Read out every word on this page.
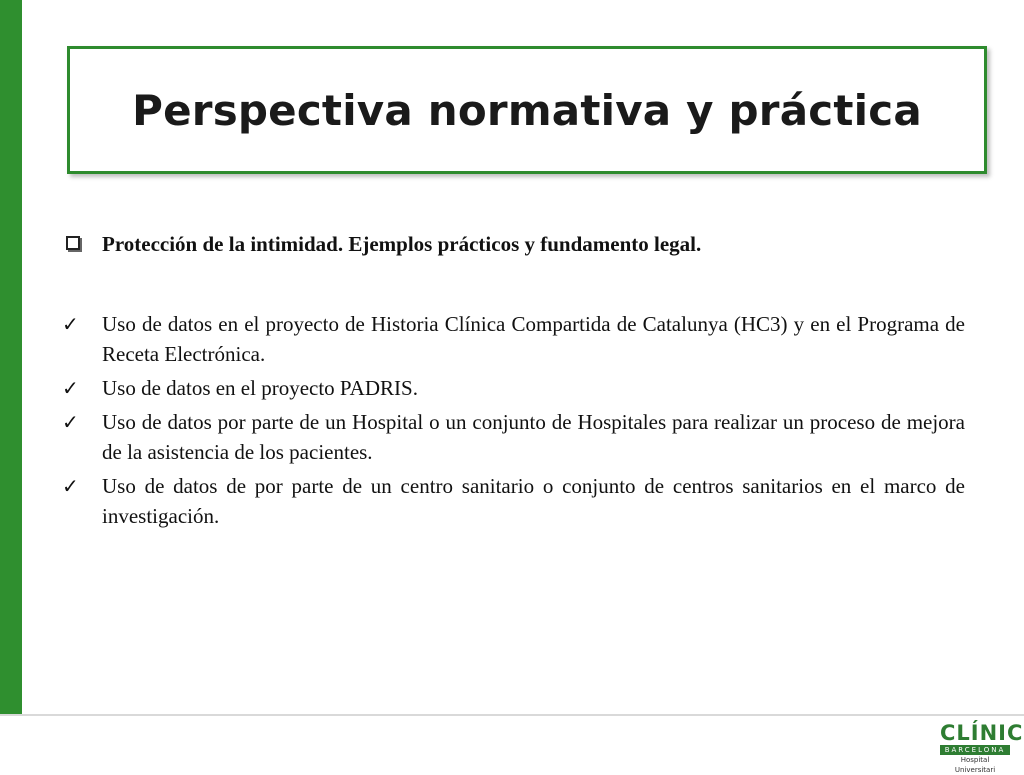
Perspectiva normativa y práctica
Protección de la intimidad. Ejemplos prácticos y fundamento legal.
✓	Uso de datos en el proyecto de Historia Clínica Compartida de Catalunya (HC3) y en el Programa de Receta Electrónica.
✓	Uso de datos en el proyecto PADRIS.
✓	Uso de datos por parte de un Hospital o un conjunto de Hospitales para realizar un proceso de mejora de la asistencia de los pacientes.
✓	Uso de datos de por parte de un centro sanitario o conjunto de centros sanitarios en el marco de investigación.
CLÍNIC
BARCELONA
Hospital Universitari
